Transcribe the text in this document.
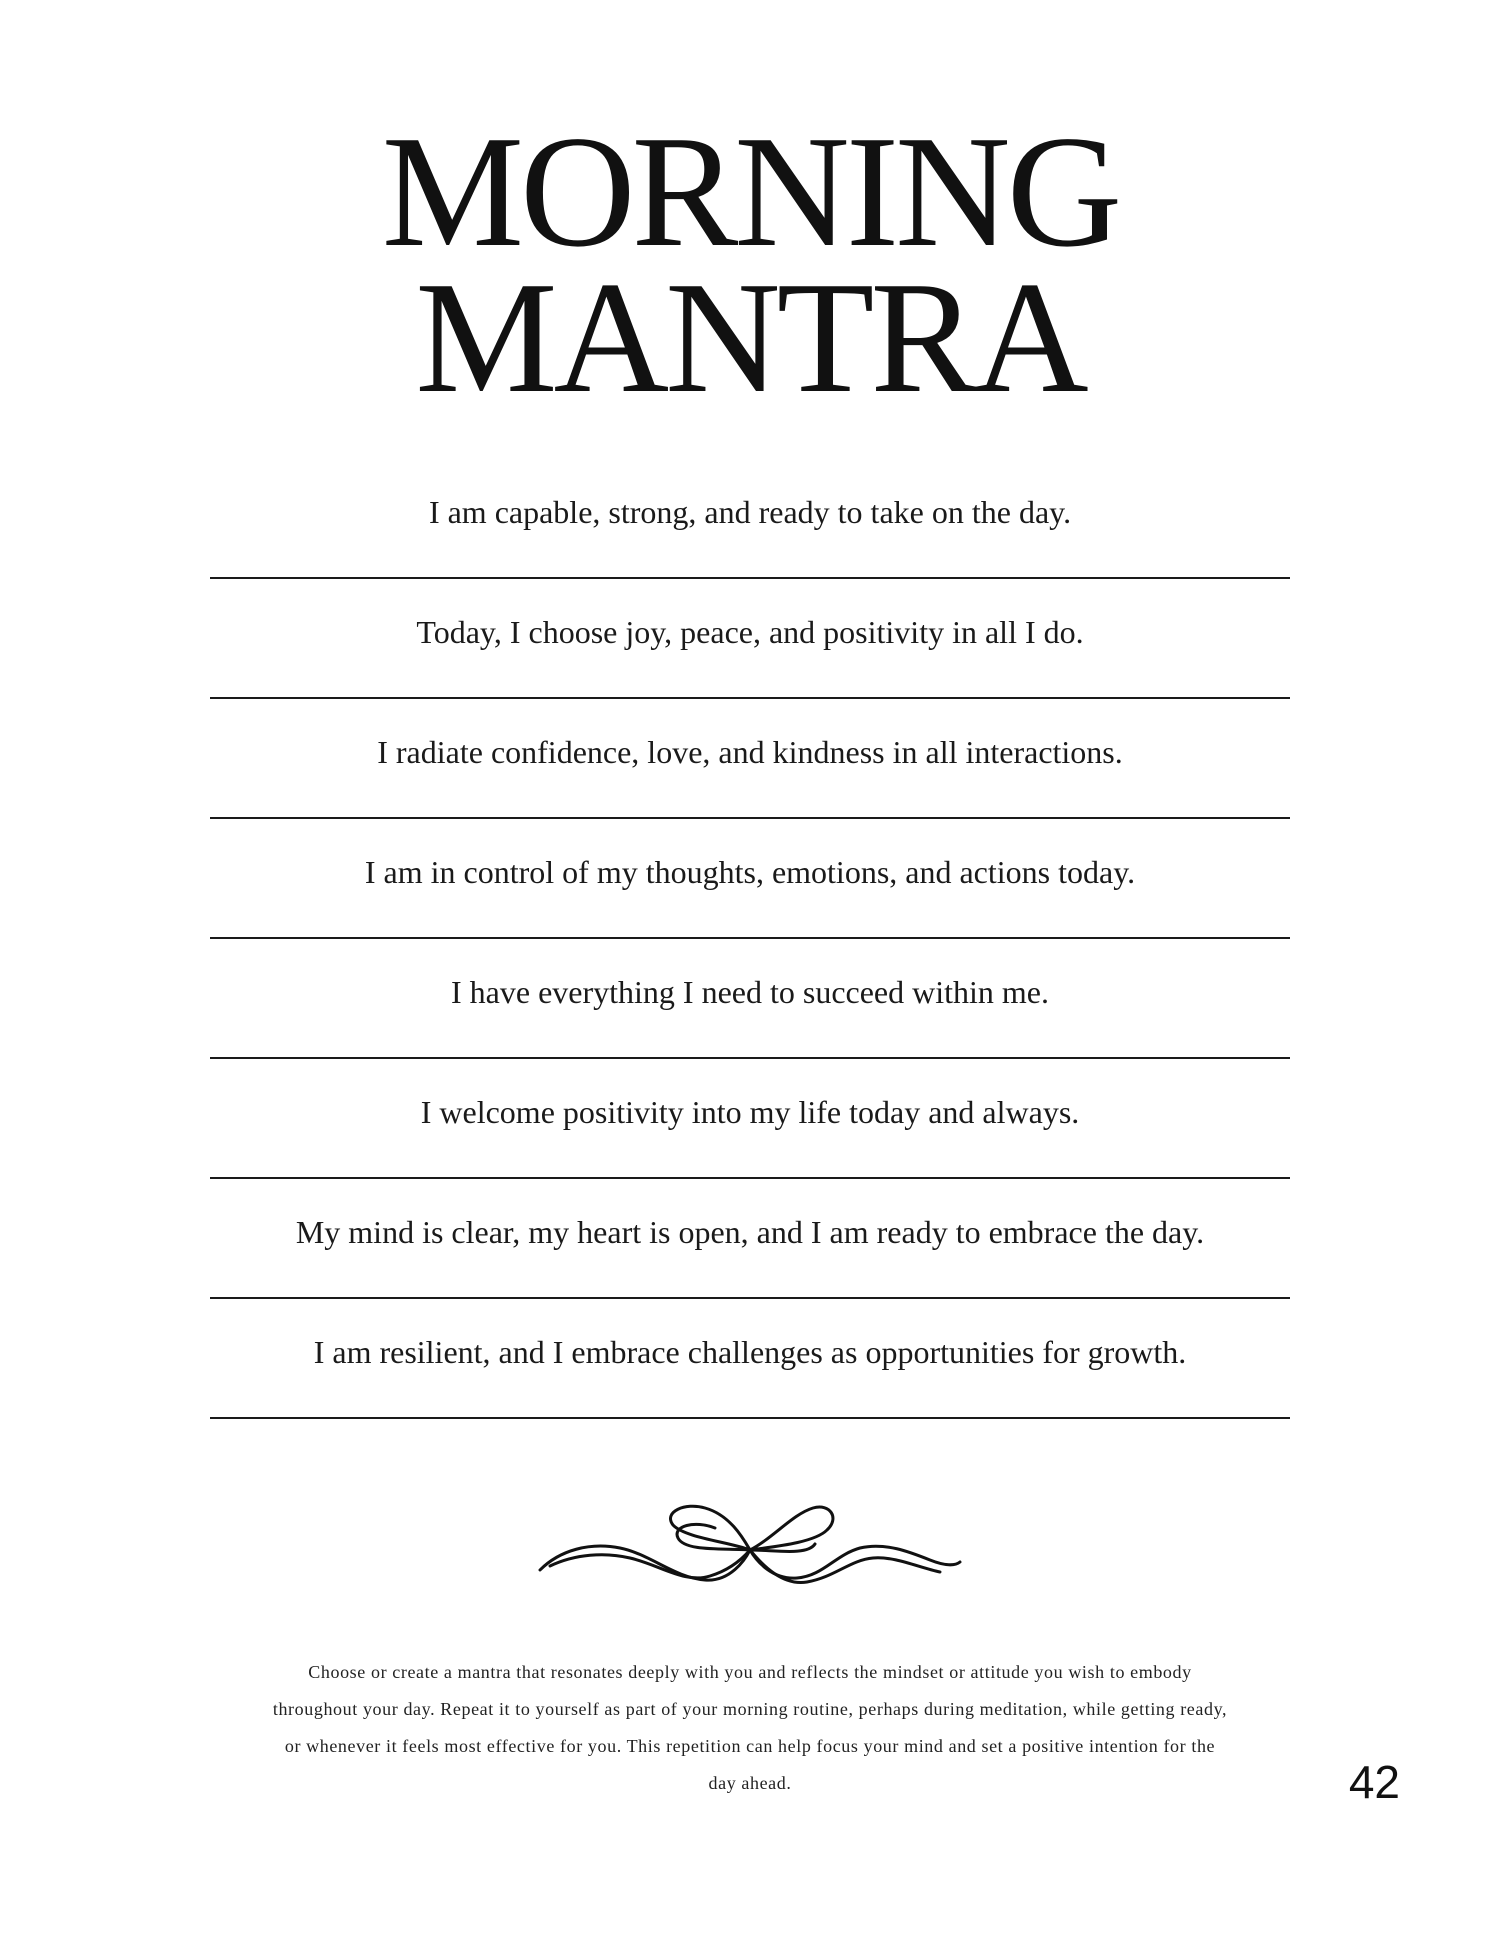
MORNING
MANTRA
I am capable, strong, and ready to take on the day.
Today, I choose joy, peace, and positivity in all I do.
I radiate confidence, love, and kindness in all interactions.
I am in control of my thoughts, emotions, and actions today.
I have everything I need to succeed within me.
I welcome positivity into my life today and always.
My mind is clear, my heart is open, and I am ready to embrace the day.
I am resilient, and I embrace challenges as opportunities for growth.

Choose or create a mantra that resonates deeply with you and reflects the mindset or attitude you wish to embody throughout your day. Repeat it to yourself as part of your morning routine, perhaps during meditation, while getting ready, or whenever it feels most effective for you. This repetition can help focus your mind and set a positive intention for the day ahead.	42
